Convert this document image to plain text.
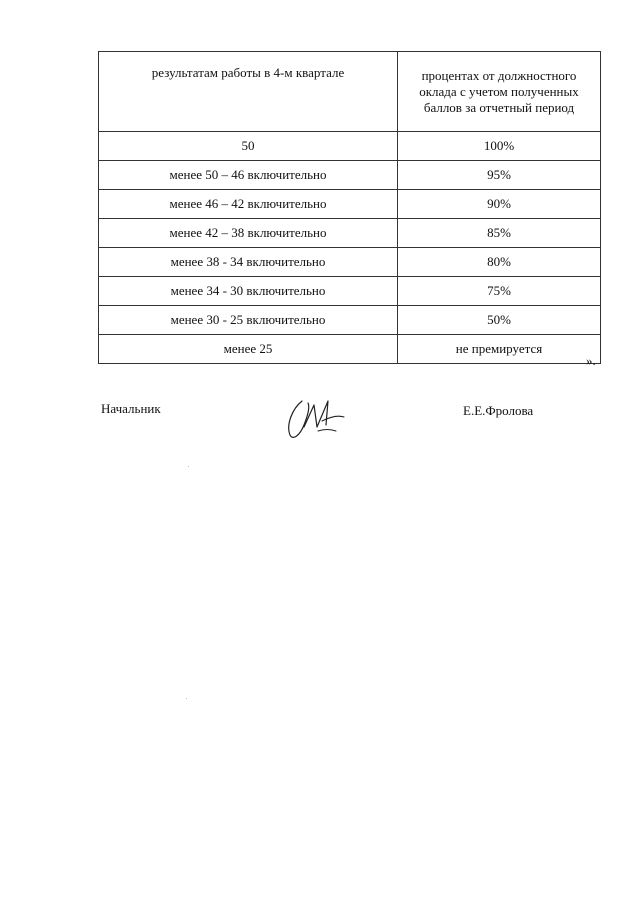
результатам работы в 4-м квартале	процентах от должностного оклада с учетом полученных баллов за отчетный период
50	100%
менее 50 – 46 включительно	95%
менее 46 – 42 включительно	90%
менее 42 – 38 включительно	85%
менее 38 - 34 включительно	80%
менее 34 - 30 включительно	75%
менее 30 - 25 включительно	50%
менее 25	не премируется
».
Начальник	Е.Е.Фролова
